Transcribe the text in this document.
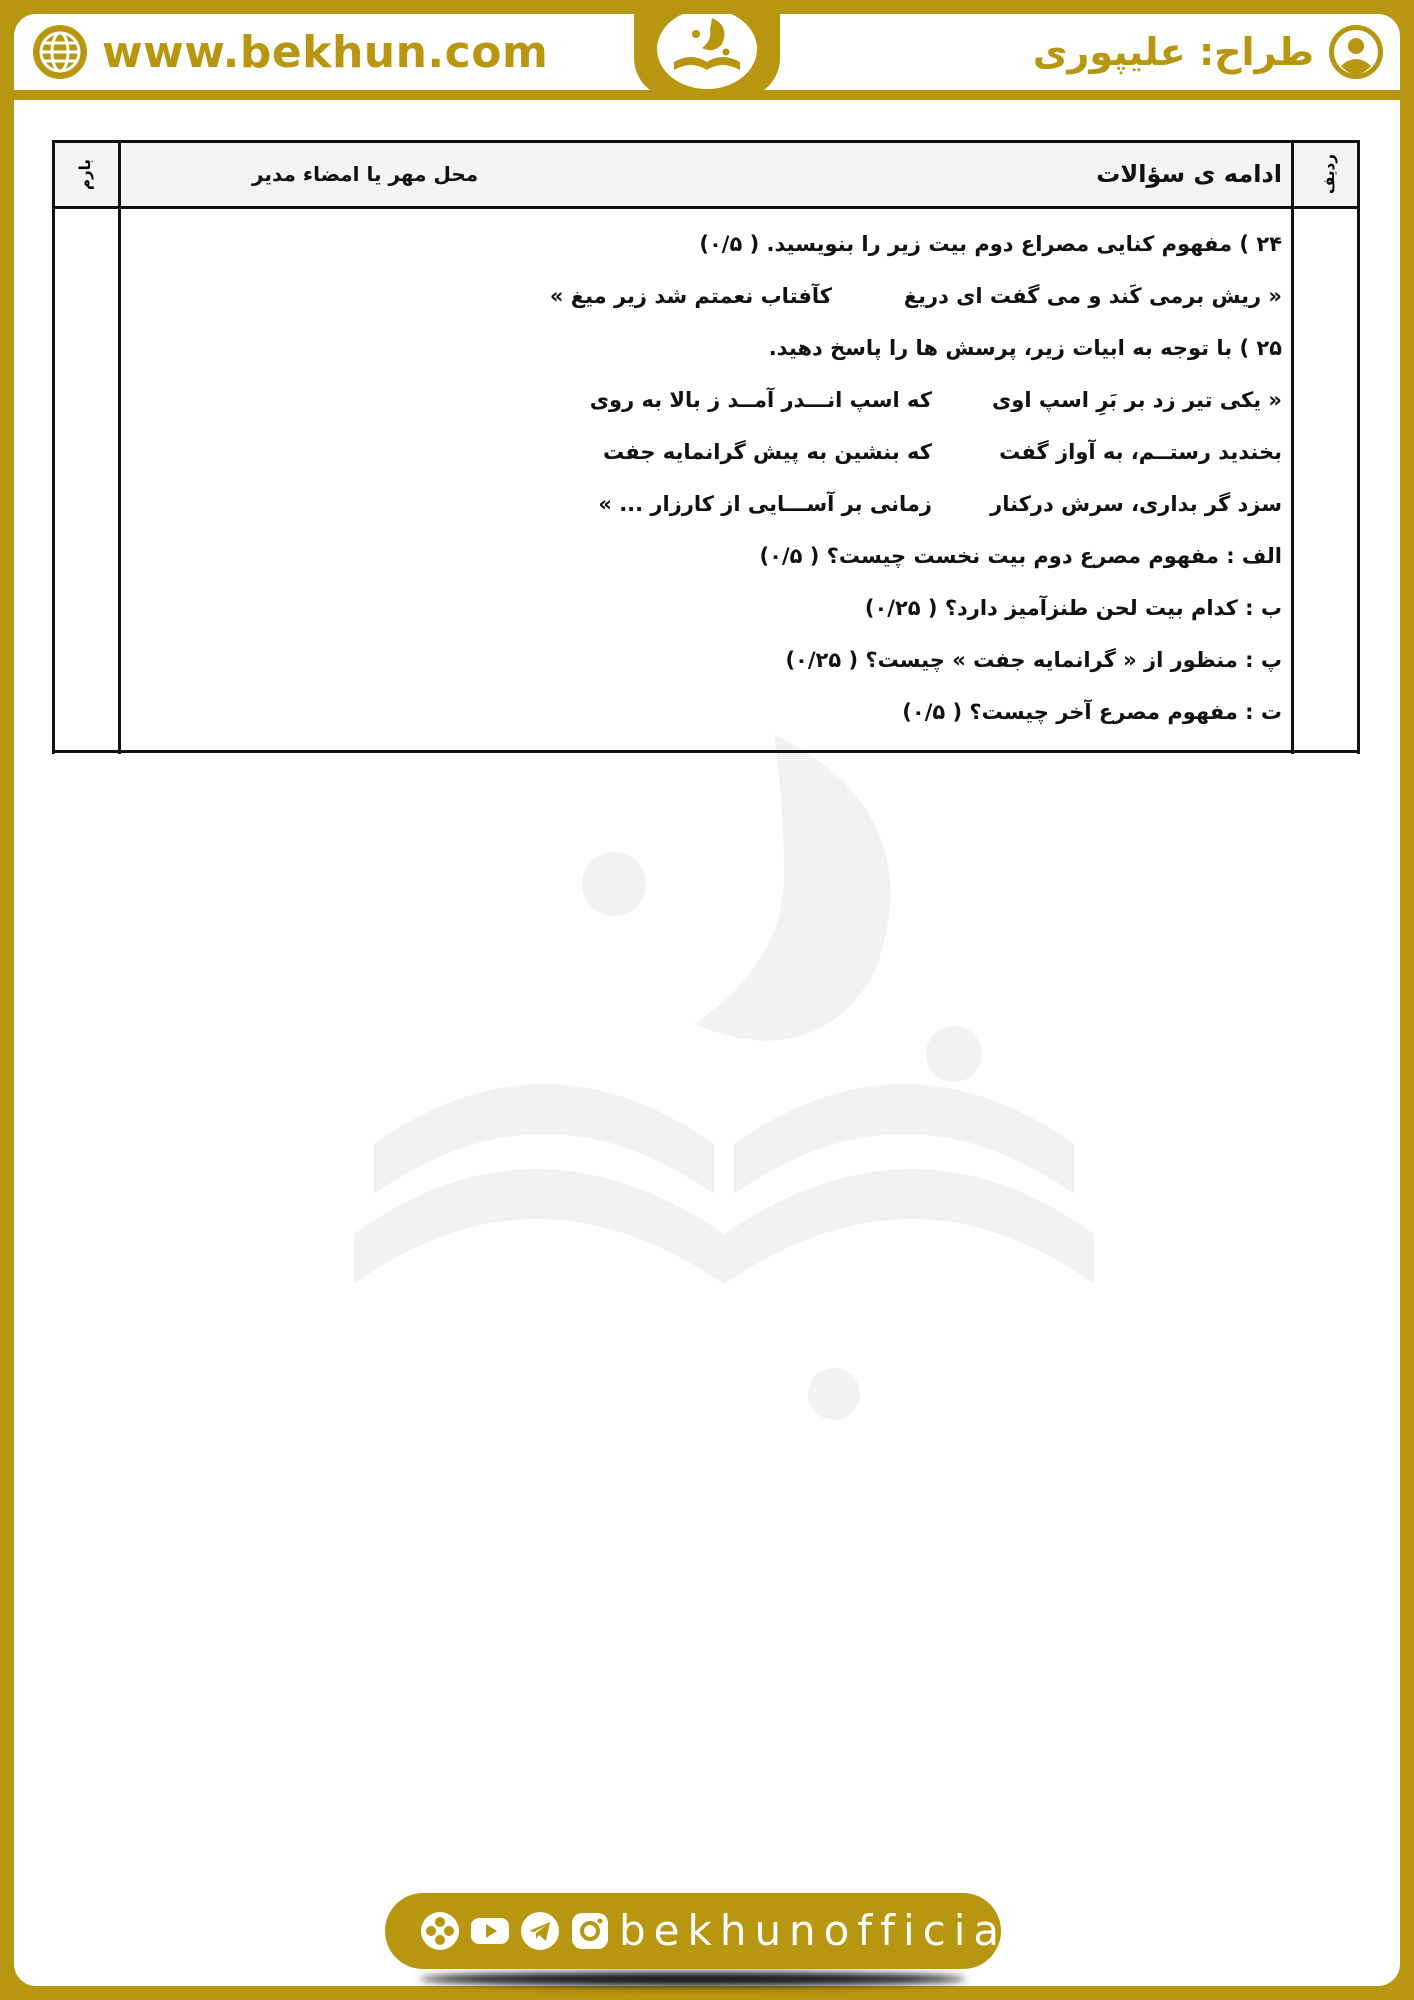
www.bekhun.com	طراح: علیپوری
ردیف
بارم	ادامه ی سؤالات
محل مهر یا امضاء مدیر
۲۴ ) مفهوم کنایی مصراع دوم بیت زیر را بنویسید. ( ۰/۵)
« ریش برمی کَند و می گفت ای دریغ
کآفتاب نعمتم شد زیر میغ »
۲۵ ) با توجه به ابیات زیر، پرسش ها را پاسخ دهید.
« یکی تیر زد بر بَرِ اسپ اوی
که اسپ انـــدر آمــد ز بالا به روی
بخندید رستــم، به آواز گفت
که بنشین به پیش گرانمایه جفت
سزد گر بداری، سرش درکنار
زمانی بر آســـایی از کارزار ... »
الف : مفهوم مصرع دوم بیت نخست چیست؟ ( ۰/۵)
ب : کدام بیت لحن طنزآمیز دارد؟ ( ۰/۲۵)
پ : منظور از « گرانمایه جفت » چیست؟ ( ۰/۲۵)
ت : مفهوم مصرع آخر چیست؟ ( ۰/۵)
bekhunofficial
